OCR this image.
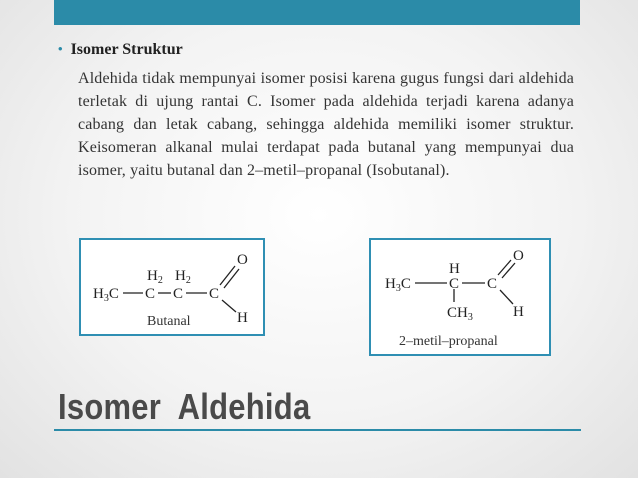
• Isomer Struktur
Aldehida tidak mempunyai isomer posisi karena gugus fungsi dari aldehida terletak di ujung rantai C. Isomer pada aldehida terjadi karena adanya cabang dan letak cabang, sehingga aldehida memiliki isomer struktur. Keisomeran alkanal mulai terdapat pada butanal yang mempunyai dua isomer, yaitu butanal dan 2–metil–propanal (Isobutanal).
$H_3C$ C
$H_2$
C
$H_2$
C
O
H
Butanal
$H_3C$	C
H
$CH_3$
C
O
H
2–metil–propanal
Isomer  Aldehida
